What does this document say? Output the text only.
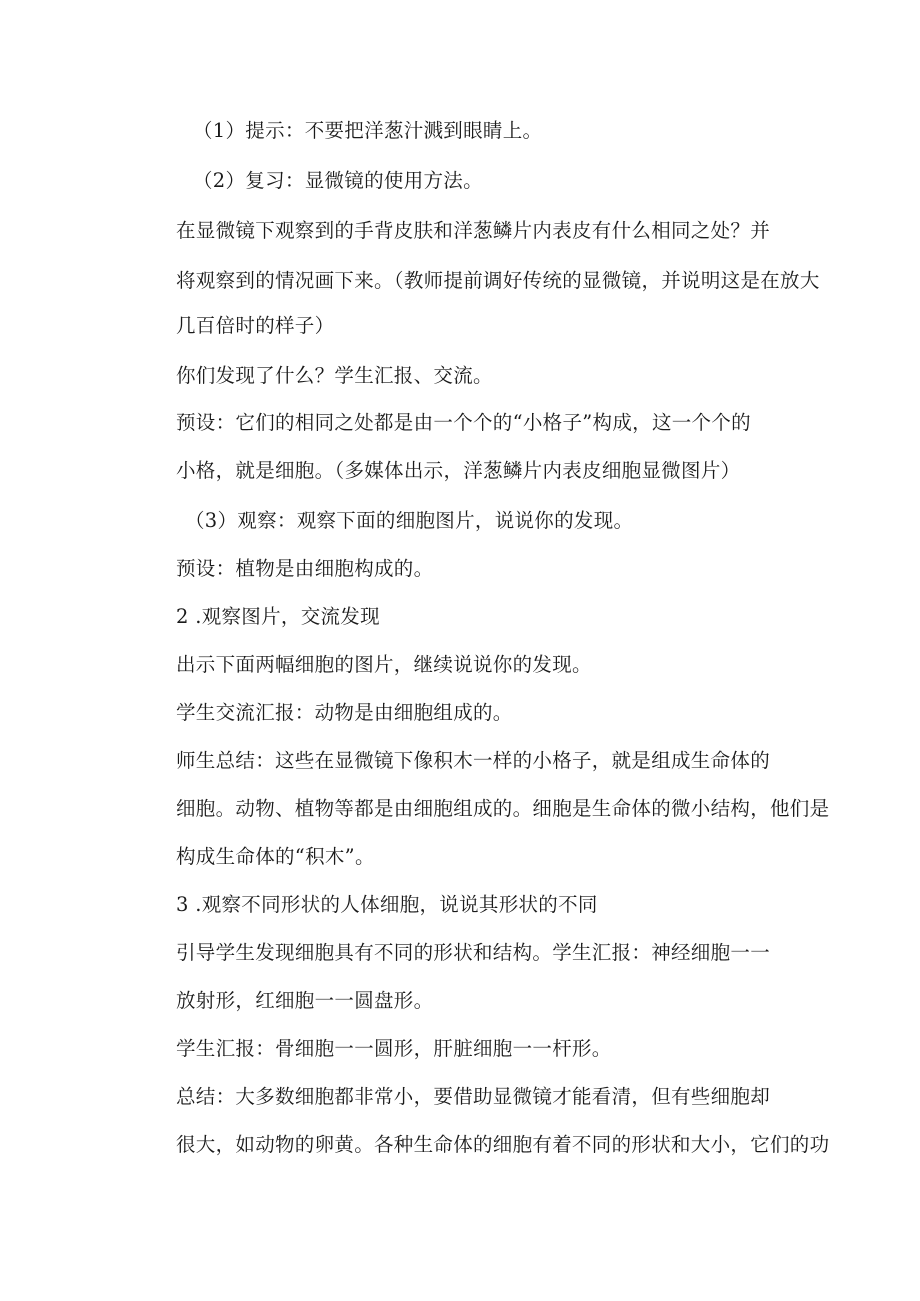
（1）提示：不要把洋葱汁溅到眼睛上。
（2）复习：显微镜的使用方法。
在显微镜下观察到的手背皮肤和洋葱鳞片内表皮有什么相同之处？并
将观察到的情况画下来。（教师提前调好传统的显微镜，并说明这是在放大
几百倍时的样子）
你们发现了什么？学生汇报、交流。
预设：它们的相同之处都是由一个个的“小格子”构成，这一个个的
小格，就是细胞。（多媒体出示，洋葱鳞片内表皮细胞显微图片）
（3）观察：观察下面的细胞图片，说说你的发现。
预设：植物是由细胞构成的。
2 .观察图片，交流发现
出示下面两幅细胞的图片，继续说说你的发现。
学生交流汇报：动物是由细胞组成的。
师生总结：这些在显微镜下像积木一样的小格子，就是组成生命体的
细胞。动物、植物等都是由细胞组成的。细胞是生命体的微小结构，他们是
构成生命体的“积木”。
3 .观察不同形状的人体细胞，说说其形状的不同
引导学生发现细胞具有不同的形状和结构。学生汇报：神经细胞一一
放射形，红细胞一一圆盘形。
学生汇报：骨细胞一一圆形，肝脏细胞一一杆形。
总结：大多数细胞都非常小，要借助显微镜才能看清，但有些细胞却
很大，如动物的卵黄。各种生命体的细胞有着不同的形状和大小，它们的功
